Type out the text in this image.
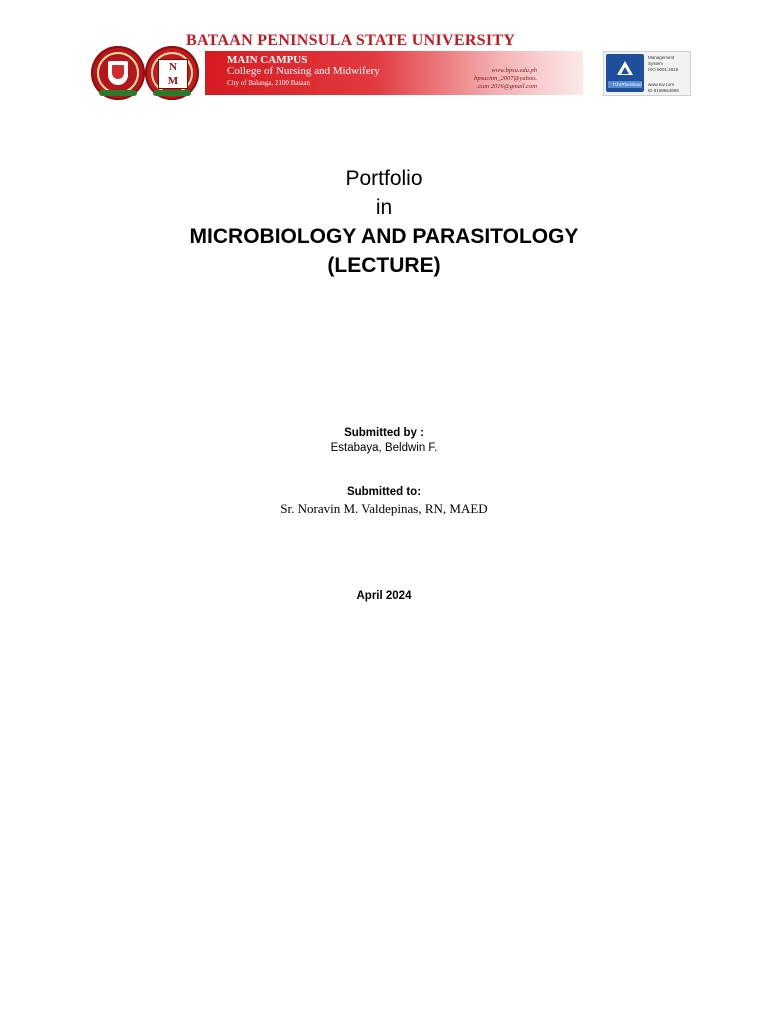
N
M
BATAAN PENINSULA STATE UNIVERSITY
MAIN CAMPUS
College of Nursing and Midwifery
City of Balanga, 2100 Bataan
www.bpsu.edu.ph
bpsucnm_2007@yahoo.
.com 2016@gmail.com	TÜVRheinland
Management
System
ISO 9001:2015
www.tuv.com
ID 9108654808
Portfolio
in
MICROBIOLOGY AND PARASITOLOGY
(LECTURE)
Submitted by :
Estabaya, Beldwin F.
Submitted to:
Sr. Noravin M. Valdepinas, RN, MAED
April 2024
